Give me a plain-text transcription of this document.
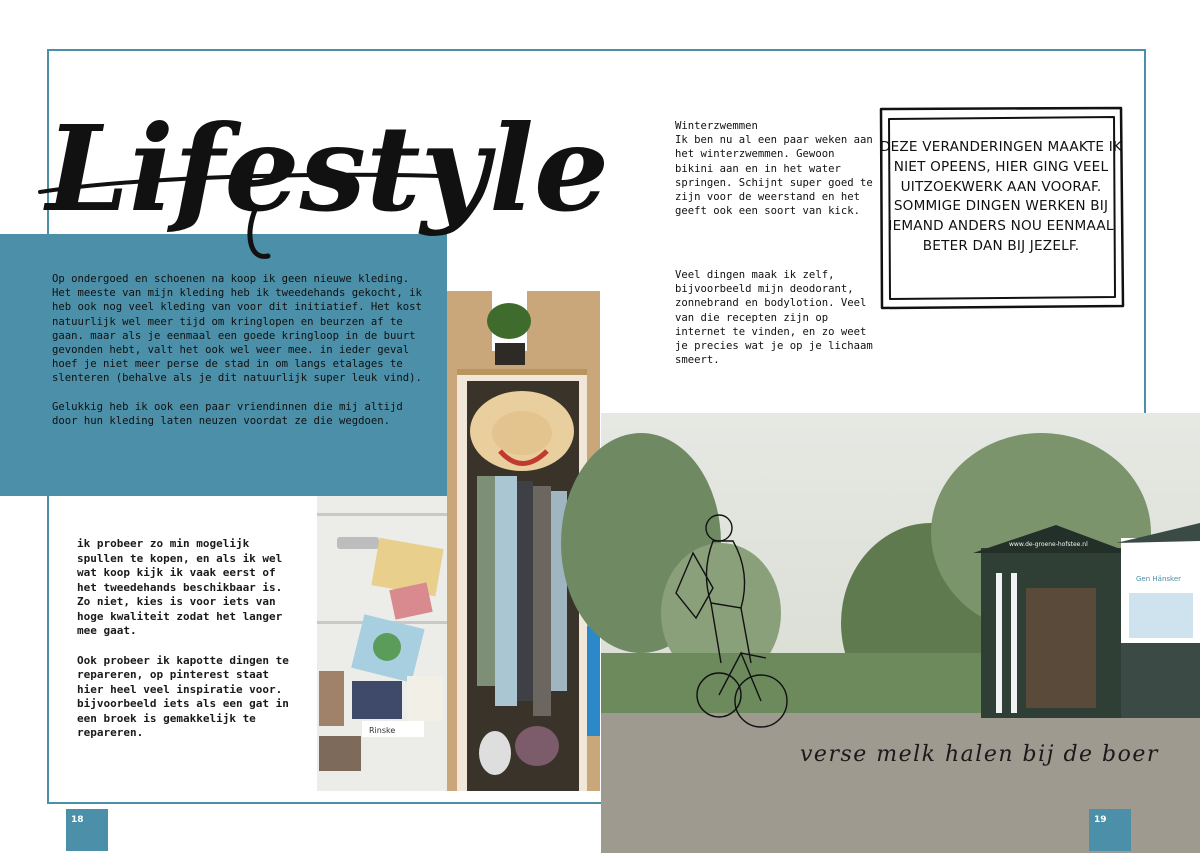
Lifestyle

Op ondergoed en schoenen na koop ik geen nieuwe kleding. Het meeste van mijn kleding heb ik tweedehands gekocht, ik heb ook nog veel kleding van voor dit initiatief. Het kost natuurlijk wel meer tijd om kringlopen en beurzen af te gaan. maar als je eenmaal een goede kringloop in de buurt gevonden hebt, valt het ook wel weer mee. in ieder geval hoef je niet meer perse de stad in om langs etalages te slenteren (behalve als je dit natuurlijk super leuk vind).

Gelukkig heb ik ook een paar vriendinnen die mij altijd door hun kleding laten neuzen voordat ze die wegdoen.

ik probeer zo min mogelijk spullen te kopen, en als ik wel wat koop kijk ik vaak eerst of het tweedehands beschikbaar is. Zo niet, kies is voor iets van hoge kwaliteit zodat het langer mee gaat.

Ook probeer ik kapotte dingen te repareren, op pinterest staat hier heel veel inspiratie voor. bijvoorbeeld iets als een gat in een broek is gemakkelijk te repareren.	Rinske
Winterzwemmen
Ik ben nu al een paar weken aan het winterzwemmen. Gewoon bikini aan en in het water springen. Schijnt super goed te zijn voor de weerstand en het geeft ook een soort van kick.
Veel dingen maak ik zelf, bijvoorbeeld mijn deodorant, zonnebrand en bodylotion. Veel van die recepten zijn op internet te vinden, en zo weet je precies wat je op je lichaam smeert.
DEZE VERANDERINGEN MAAKTE IK NIET OPEENS, HIER GING VEEL UITZOEKWERK AAN VOORAF. SOMMIGE DINGEN WERKEN BIJ IEMAND ANDERS NOU EENMAAL BETER DAN BIJ JEZELF.
www.de-groene-hofstee.nl
Gen Hänsker
verse melk halen bij de boer
18	19
